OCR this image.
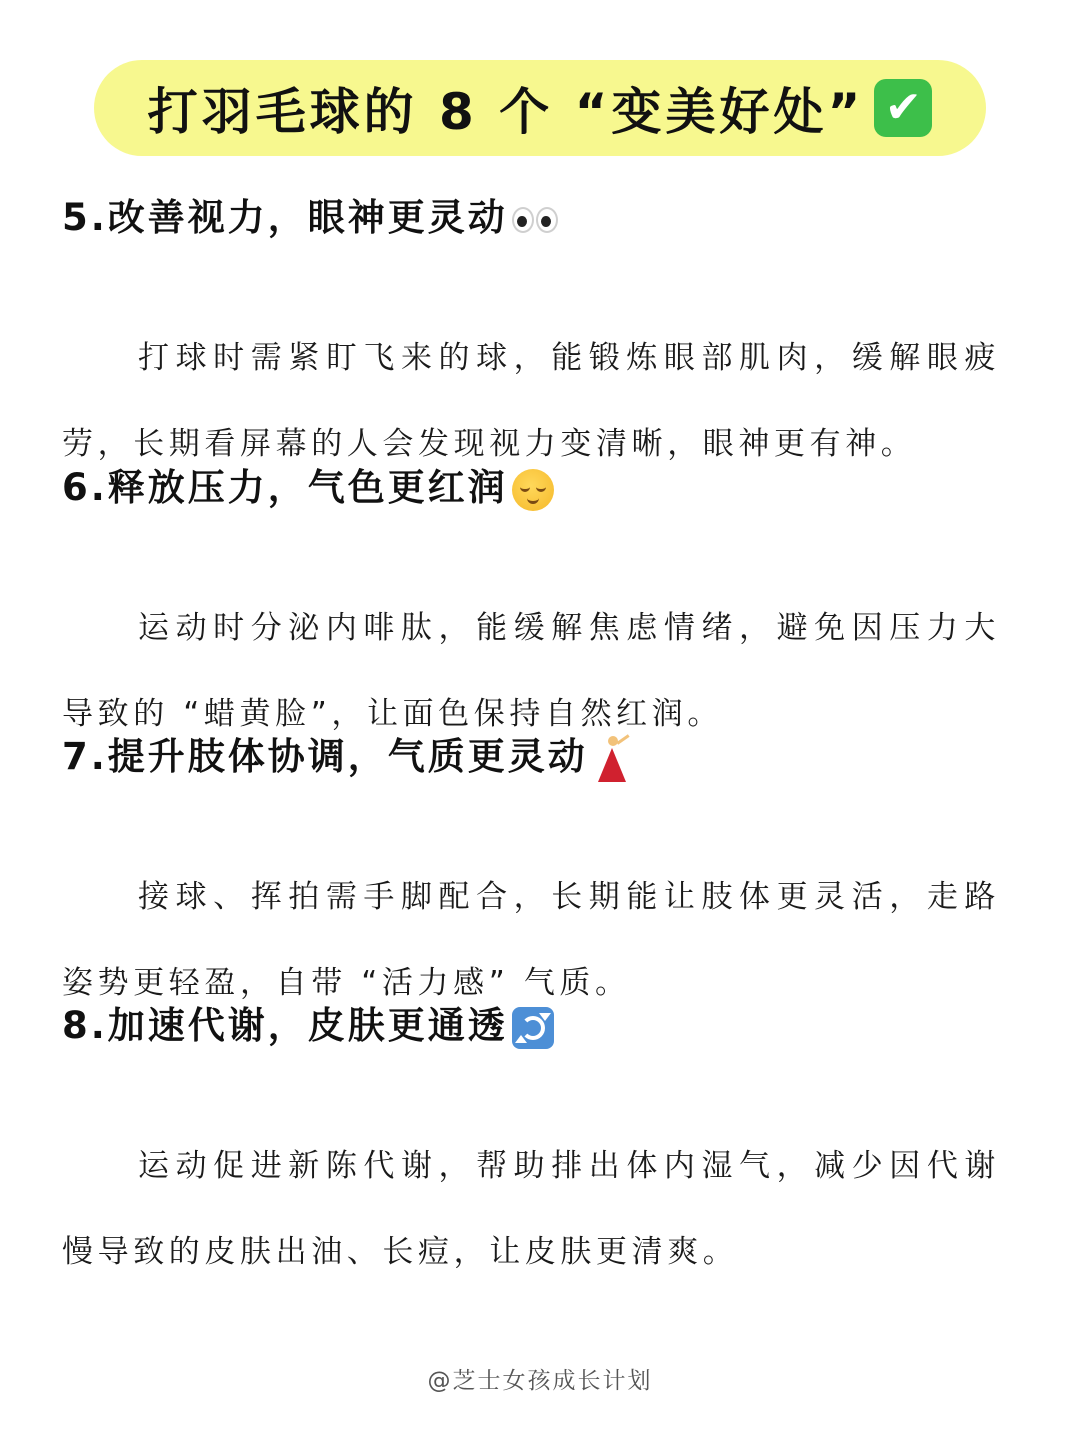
打羽毛球的 8 个 “变美好处” ✔
5.改善视力，眼神更灵动
打球时需紧盯飞来的球，能锻炼眼部肌肉，缓解眼疲
劳，长期看屏幕的人会发现视力变清晰，眼神更有神。
6.释放压力，气色更红润
运动时分泌内啡肽，能缓解焦虑情绪，避免因压力大
导致的 “蜡黄脸”，让面色保持自然红润。
7.提升肢体协调，气质更灵动
接球、挥拍需手脚配合，长期能让肢体更灵活，走路
姿势更轻盈，自带 “活力感” 气质。
8.加速代谢，皮肤更通透
运动促进新陈代谢，帮助排出体内湿气，减少因代谢
慢导致的皮肤出油、长痘，让皮肤更清爽。
@芝士女孩成长计划
